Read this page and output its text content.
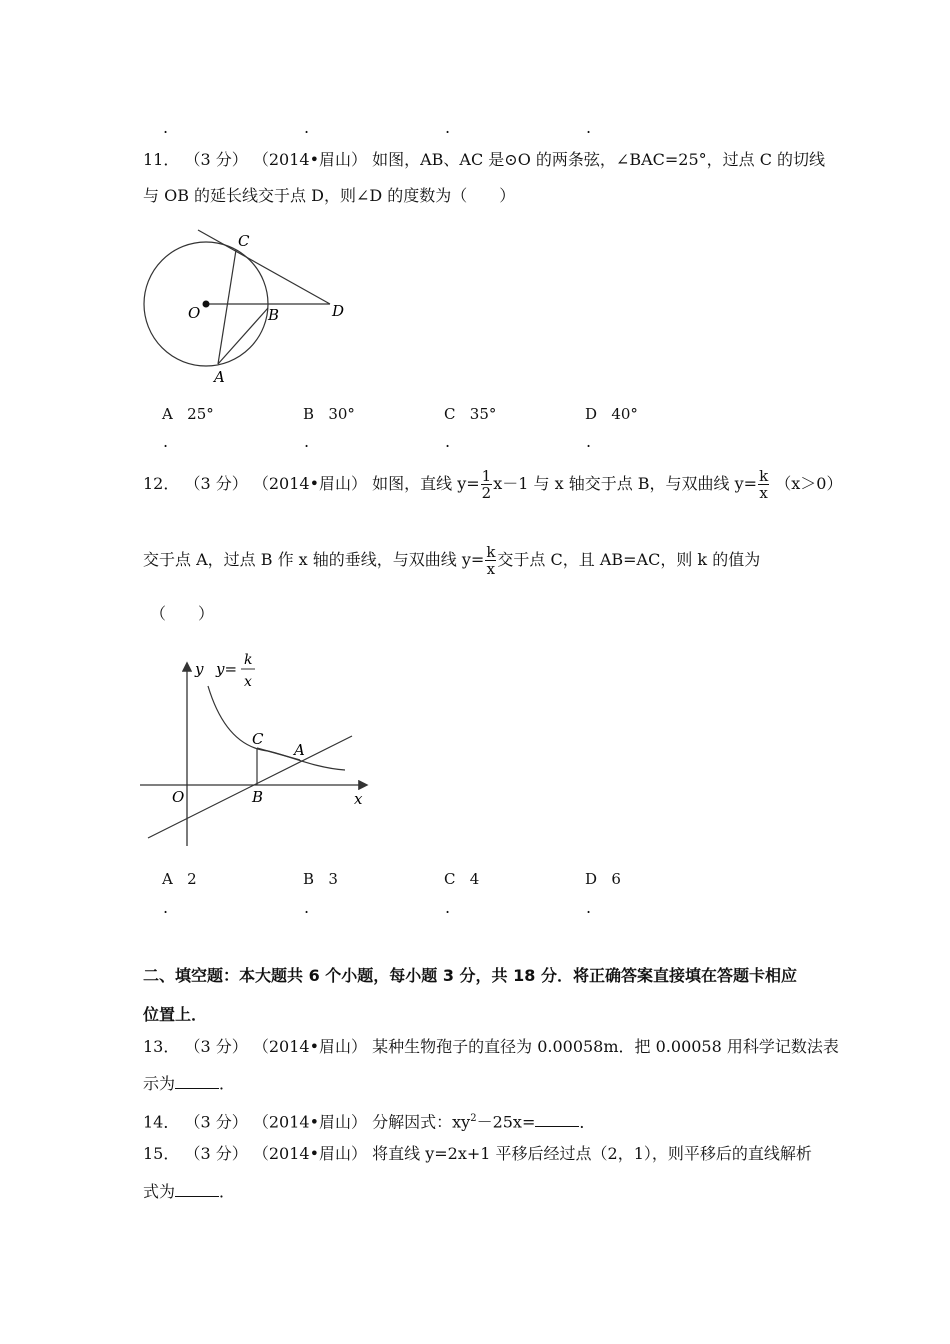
.	.	.	.
11． （3 分） （2014•眉山） 如图，AB、AC 是⊙O 的两条弦，∠BAC=25°，过点 C 的切线
与 OB 的延长线交于点 D，则∠D 的度数为（　　）
C
O	B	D
A
A 25°	B 30°	C 35°	D 40°
.	.	.	.
12． （3 分） （2014•眉山） 如图，直线 $y= \frac{1}{2} x-1$ 与 x 轴交于点 B，与双曲线 $y= \frac{k}{x} (x>0)$
交于点 A，过点 B 作 x 轴的垂线，与双曲线 $y= \frac{k}{x}$ 交于点 C，且 AB=AC，则 k 的值为
（　　）
y y= k
x
C
A
O	B	x
A 2	B 3	C 4	D 6
.	.	.	.
二、填空题：本大题共 6 个小题，每小题 3 分，共 18 分．将正确答案直接填在答题卡相应
位置上．
13． （3 分） （2014•眉山） 某种生物孢子的直径为 0.00058m．把 0.00058 用科学记数法表
示为	．
14． （3 分） （2014•眉山） 分解因式：$xy^2-25x=$	．
15． （3 分） （2014•眉山） 将直线 y=2x+1 平移后经过点（2，1），则平移后的直线解析
式为	．
